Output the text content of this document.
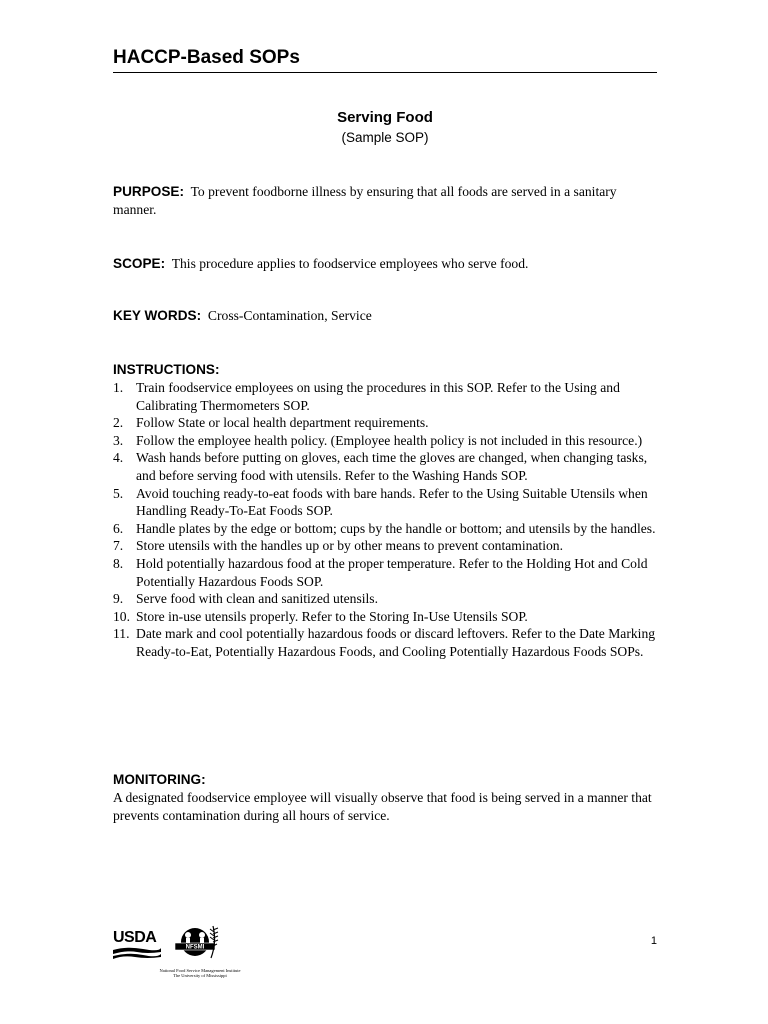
HACCP-Based SOPs
Serving Food
(Sample SOP)
PURPOSE: To prevent foodborne illness by ensuring that all foods are served in a sanitary manner.
SCOPE: This procedure applies to foodservice employees who serve food.
KEY WORDS: Cross-Contamination, Service
INSTRUCTIONS:
1. Train foodservice employees on using the procedures in this SOP. Refer to the Using and Calibrating Thermometers SOP.
2. Follow State or local health department requirements.
3. Follow the employee health policy. (Employee health policy is not included in this resource.)
4. Wash hands before putting on gloves, each time the gloves are changed, when changing tasks, and before serving food with utensils. Refer to the Washing Hands SOP.
5. Avoid touching ready-to-eat foods with bare hands. Refer to the Using Suitable Utensils when Handling Ready-To-Eat Foods SOP.
6. Handle plates by the edge or bottom; cups by the handle or bottom; and utensils by the handles.
7. Store utensils with the handles up or by other means to prevent contamination.
8. Hold potentially hazardous food at the proper temperature. Refer to the Holding Hot and Cold Potentially Hazardous Foods SOP.
9. Serve food with clean and sanitized utensils.
10. Store in-use utensils properly. Refer to the Storing In-Use Utensils SOP.
11. Date mark and cool potentially hazardous foods or discard leftovers. Refer to the Date Marking Ready-to-Eat, Potentially Hazardous Foods, and Cooling Potentially Hazardous Foods SOPs.
MONITORING:
A designated foodservice employee will visually observe that food is being served in a manner that prevents contamination during all hours of service.
USDA
NFSMI
National Food Service Management Institute
The University of Mississippi
1
